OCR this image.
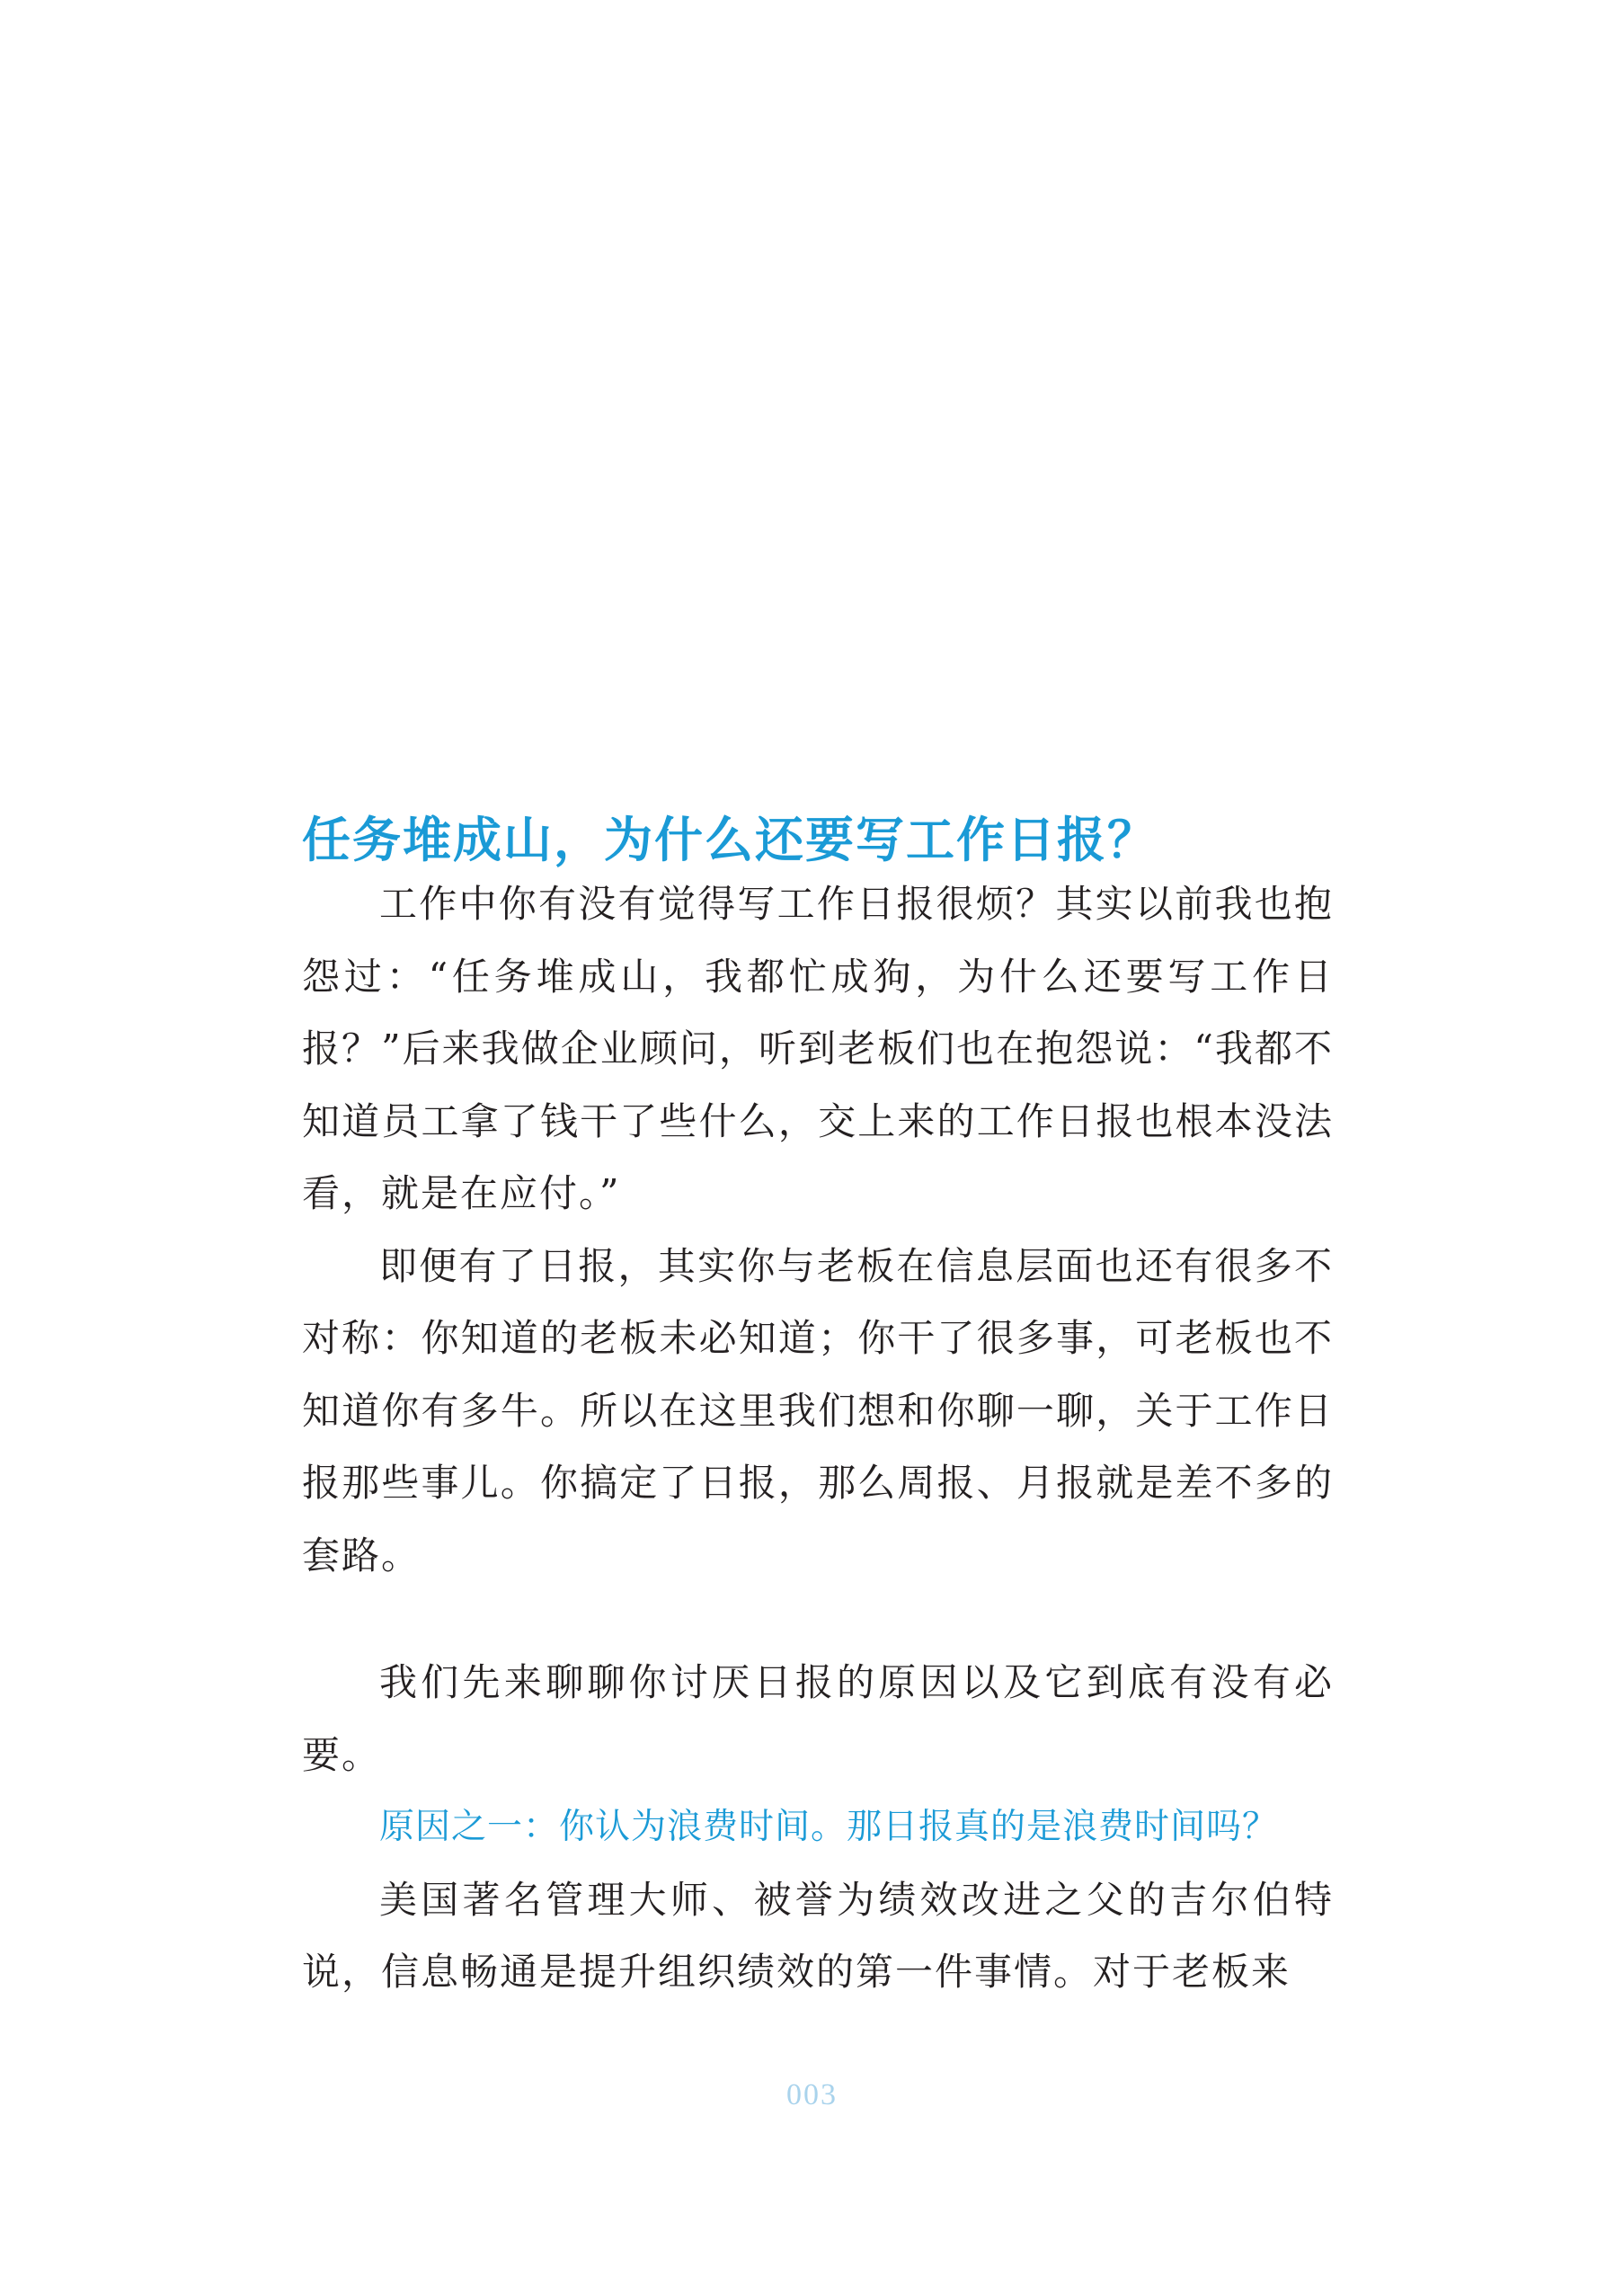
任务堆成山，为什么还要写工作日报？

工作中你有没有觉得写工作日报很烦？其实以前我也抱怨过：“任务堆成山，我都忙成狗，为什么还要写工作日报？”后来我做企业顾问，听到老板们也在抱怨说：“我都不知道员工拿了钱干了些什么，交上来的工作日报也根本没法看，就是在应付。”

即便有了日报，其实你与老板在信息层面也还有很多不对称：你知道的老板未必知道；你干了很多事，可老板也不知道你有多牛。所以在这里我们想和你聊一聊，关于工作日报那些事儿。你搞定了日报，那么周报、月报就是差不多的套路。

我们先来聊聊你讨厌日报的原因以及它到底有没有必要。

原因之一：你认为浪费时间。那日报真的是浪费时间吗？

美国著名管理大师、被誉为绩效改进之父的吉尔伯特说，信息畅通是提升组织绩效的第一件事情。对于老板来

003
